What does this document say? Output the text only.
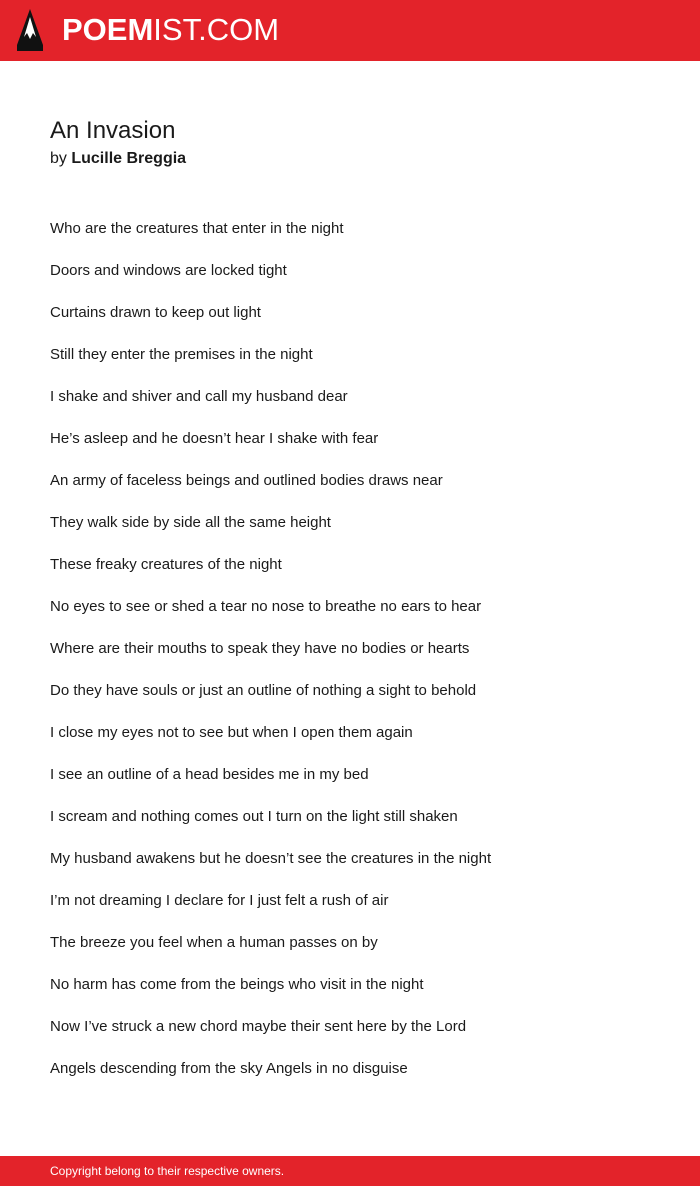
POEMIST.COM
An Invasion
by Lucille Breggia
Who are the creatures that enter in the night
Doors and windows are locked tight
Curtains drawn to keep out light
Still they enter the premises in the night
I shake and shiver and call my husband dear
He’s asleep and he doesn’t hear I shake with fear
An army of faceless beings and outlined bodies draws near
They walk side by side all the same height
These freaky creatures of the night
No eyes to see or shed a tear no nose to breathe no ears to hear
Where are their mouths to speak they have no bodies or hearts
Do they have souls or just an outline of nothing a sight to behold
I close my eyes not to see but when I open them again
I see an outline of a head besides me in my bed
I scream and nothing comes out I turn on the light still shaken
My husband awakens but he doesn’t see the creatures in the night
I’m not dreaming I declare for I just felt a rush of air
The breeze you feel when a human passes on by
No harm has come from the beings who visit in the night
Now I’ve struck a new chord maybe their sent here by the Lord
Angels descending from the sky Angels in no disguise
Copyright belong to their respective owners.
